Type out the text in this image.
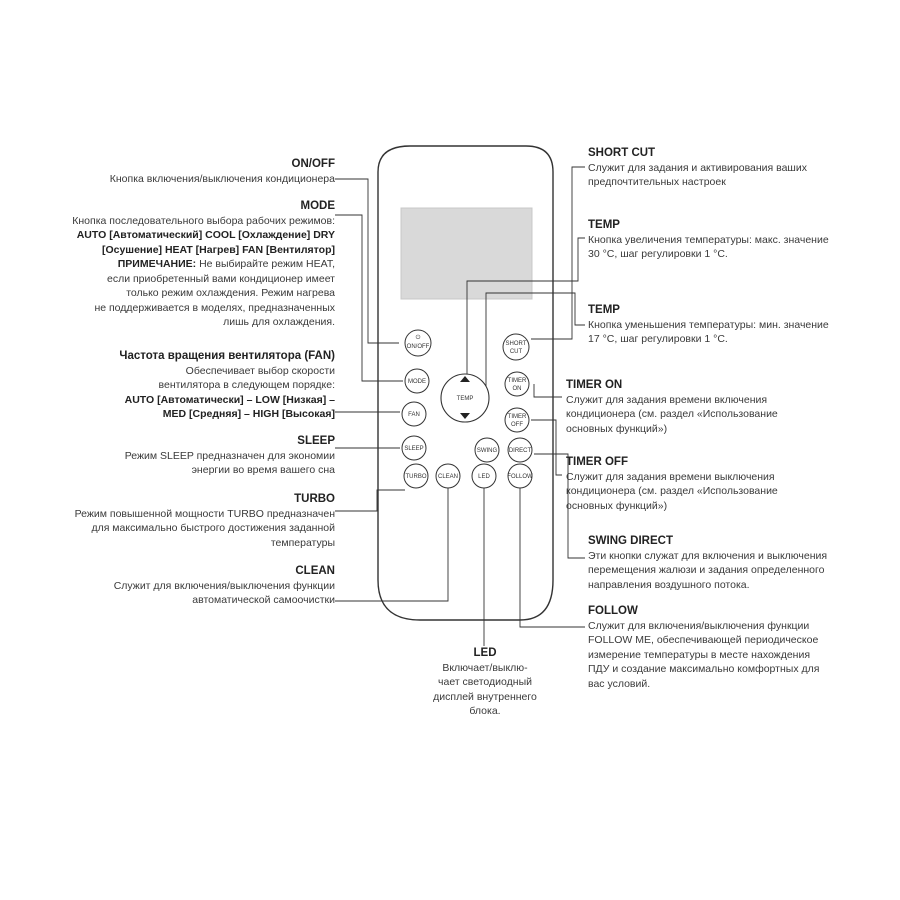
⏻
ON/OFF	SHORT
CUT
TEMP
MODE	TIMER
ON
FAN	TIMER
OFF
SLEEP	SWING DIRECT
TURBO CLEAN	LED	FOLLOW
ON/OFF
Кнопка включения/выключения кондиционера
MODE
Кнопка последовательного выбора рабочих режимов:
AUTO [Автоматический] COOL [Охлаждение] DRY
[Осушение] HEAT [Нагрев] FAN [Вентилятор]
ПРИМЕЧАНИЕ: Не выбирайте режим HEAT,
если приобретенный вами кондиционер имеет
только режим охлаждения. Режим нагрева
не поддерживается в моделях, предназначенных
лишь для охлаждения.
Частота вращения вентилятора (FAN)
Обеспечивает выбор скорости
вентилятора в следующем порядке:
AUTO [Автоматически] – LOW [Низкая] –
MED [Средняя] – HIGH [Высокая]
SLEEP
Режим SLEEP предназначен для экономии
энергии во время вашего сна
TURBO
Режим повышенной мощности TURBO предназначен
для максимально быстрого достижения заданной
температуры
CLEAN
Служит для включения/выключения функции
автоматической самоочистки
LED
Включает/выклю-
чает светодиодный
дисплей внутреннего
блока.
SHORT CUT
Служит для задания и активирования ваших
предпочтительных настроек
TEMP
Кнопка увеличения температуры: макс. значение
30 °С, шаг регулировки 1 °С.
TEMP
Кнопка уменьшения температуры: мин. значение
17 °С, шаг регулировки 1 °С.
TIMER ON
Служит для задания времени включения
кондиционера (см. раздел «Использование
основных функций»)
TIMER OFF
Служит для задания времени выключения
кондиционера (см. раздел «Использование
основных функций»)
SWING DIRECT
Эти кнопки служат для включения и выключения
перемещения жалюзи и задания определенного
направления воздушного потока.
FOLLOW
Служит для включения/выключения функции
FOLLOW ME, обеспечивающей периодическое
измерение температуры в месте нахождения
ПДУ и создание максимально комфортных для
вас условий.
